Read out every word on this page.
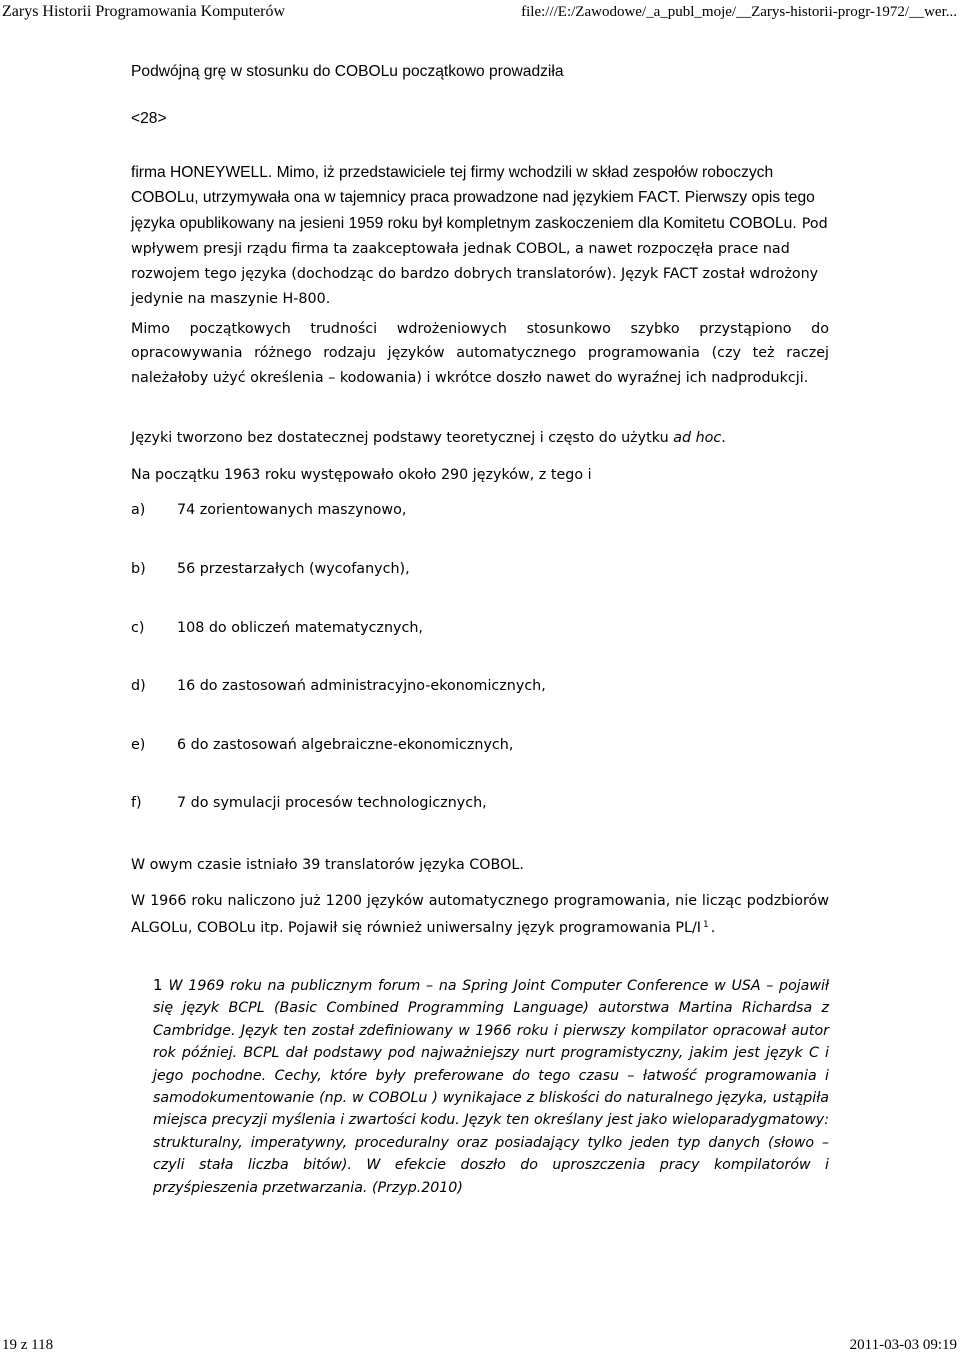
Zarys Historii Programowania Komputerów	file:///E:/Zawodowe/_a_publ_moje/__Zarys-historii-progr-1972/__wer...
Podwójną grę w stosunku do COBOLu początkowo prowadziła
<28>
firma HONEYWELL. Mimo, iż przedstawiciele tej firmy wchodzili w skład zespołów roboczych COBOLu, utrzymywała ona w tajemnicy praca prowadzone nad językiem FACT. Pierwszy opis tego języka opublikowany na jesieni 1959 roku był kompletnym zaskoczeniem dla Komitetu COBOLu. Pod wpływem presji rządu firma ta zaakceptowała jednak COBOL, a nawet rozpoczęła prace nad rozwojem tego języka (dochodząc do bardzo dobrych translatorów). Język FACT został wdrożony jedynie na maszynie H-800.
Mimo początkowych trudności wdrożeniowych stosunkowo szybko przystąpiono do opracowywania różnego rodzaju języków automatycznego programowania (czy też raczej należałoby użyć określenia – kodowania) i wkrótce doszło nawet do wyraźnej ich nadprodukcji.
Języki tworzono bez dostatecznej podstawy teoretycznej i często do użytku ad hoc.
Na początku 1963 roku występowało około 290 języków, z tego i
a) 74 zorientowanych maszynowo,
b) 56 przestarzałych (wycofanych),
c) 108 do obliczeń matematycznych,
d) 16 do zastosowań administracyjno-ekonomicznych,
e) 6 do zastosowań algebraiczne-ekonomicznych,
f) 7 do symulacji procesów technologicznych,
W owym czasie istniało 39 translatorów języka COBOL.
W 1966 roku naliczono już 1200 języków automatycznego programowania, nie licząc podzbiorów ALGOLu, COBOLu itp. Pojawił się również uniwersalny język programowania PL/I $^1$ .
1 W 1969 roku na publicznym forum – na Spring Joint Computer Conference w USA – pojawił się język BCPL (Basic Combined Programming Language) autorstwa Martina Richardsa z Cambridge. Język ten został zdefiniowany w 1966 roku i pierwszy kompilator opracował autor rok później. BCPL dał podstawy pod najważniejszy nurt programistyczny, jakim jest język C i jego pochodne. Cechy, które były preferowane do tego czasu – łatwość programowania i samodokumentowanie (np. w COBOLu ) wynikajace z bliskości do naturalnego języka, ustąpiła miejsca precyzji myślenia i zwartości kodu. Język ten określany jest jako wieloparadygmatowy: strukturalny, imperatywny, proceduralny oraz posiadający tylko jeden typ danych (słowo – czyli stała liczba bitów). W efekcie doszło do uproszczenia pracy kompilatorów i przyśpieszenia przetwarzania. (Przyp.2010)
19 z 118	2011-03-03 09:19
